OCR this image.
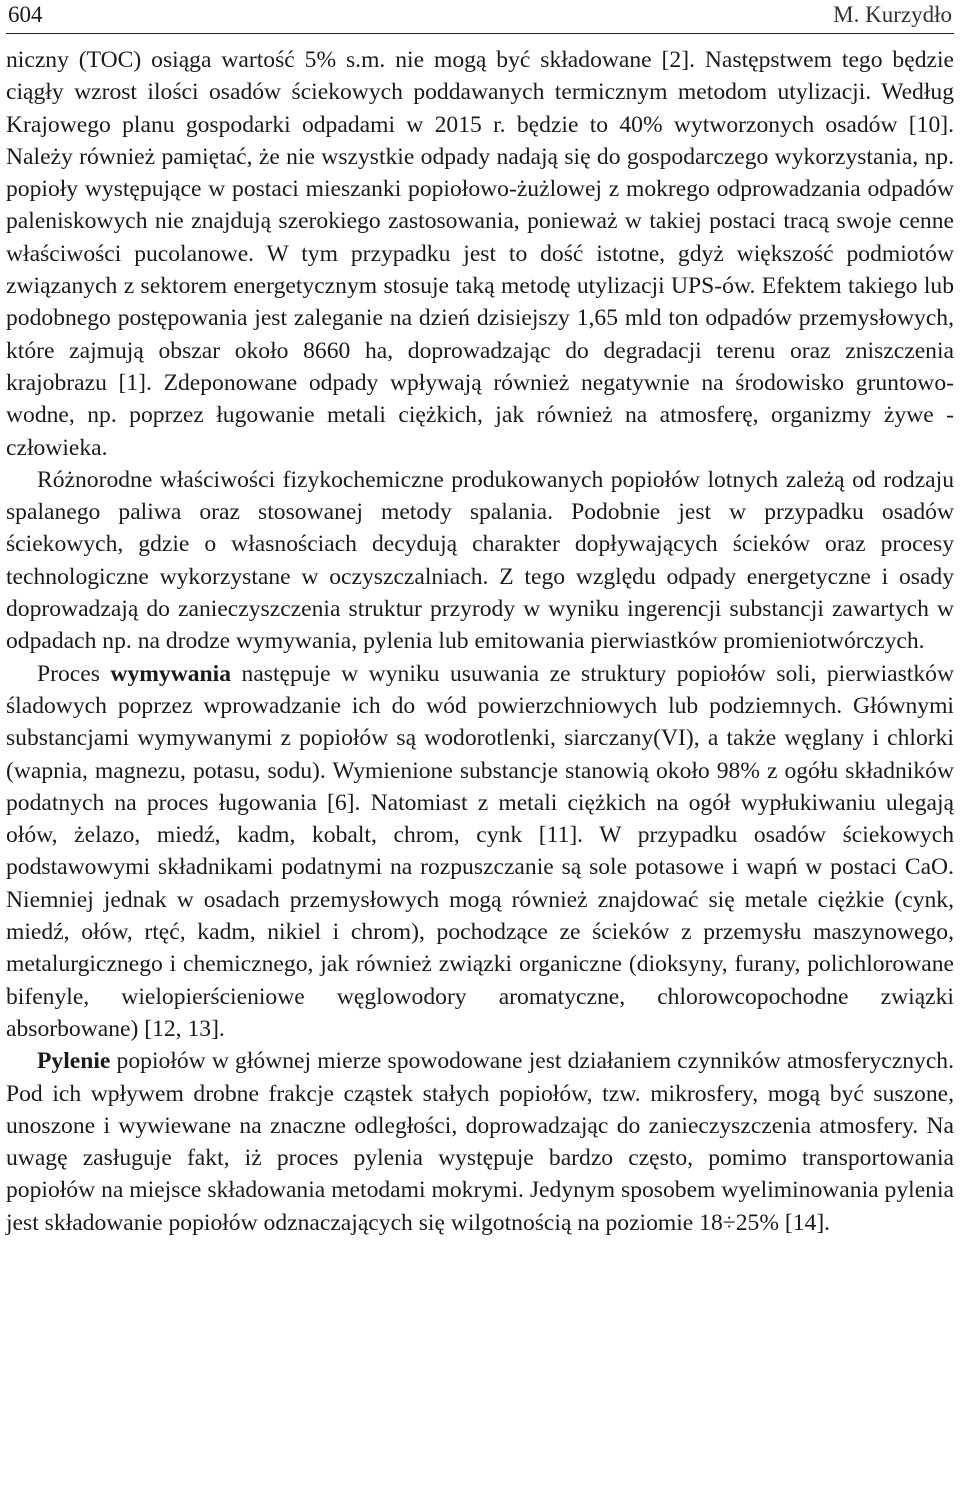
604	M. Kurzydło

niczny (TOC) osiąga wartość 5% s.m. nie mogą być składowane [2]. Następstwem tego będzie ciągły wzrost ilości osadów ściekowych poddawanych termicznym metodom utylizacji. Według Krajowego planu gospodarki odpadami w 2015 r. będzie to 40% wytworzonych osadów [10]. Należy również pamiętać, że nie wszystkie odpady nadają się do gospodarczego wykorzystania, np. popioły występujące w postaci mieszanki popiołowo-żużlowej z mokrego odprowadzania odpadów paleniskowych nie znajdują szerokiego zastosowania, ponieważ w takiej postaci tracą swoje cenne właściwości pucolanowe. W tym przypadku jest to dość istotne, gdyż większość podmiotów związanych z sektorem energetycznym stosuje taką metodę utylizacji UPS-ów. Efektem takiego lub podobnego postępowania jest zaleganie na dzień dzisiejszy 1,65 mld ton odpadów przemysłowych, które zajmują obszar około 8660 ha, doprowadzając do degradacji terenu oraz zniszczenia krajobrazu [1]. Zdeponowane odpady wpływają również negatywnie na środowisko gruntowo-wodne, np. poprzez ługowanie metali ciężkich, jak również na atmosferę, organizmy żywe - człowieka.

Różnorodne właściwości fizykochemiczne produkowanych popiołów lotnych zależą od rodzaju spalanego paliwa oraz stosowanej metody spalania. Podobnie jest w przypadku osadów ściekowych, gdzie o własnościach decydują charakter dopływających ścieków oraz procesy technologiczne wykorzystane w oczyszczalniach. Z tego względu odpady energetyczne i osady doprowadzają do zanieczyszczenia struktur przyrody w wyniku ingerencji substancji zawartych w odpadach np. na drodze wymywania, pylenia lub emitowania pierwiastków promieniotwórczych.

Proces wymywania następuje w wyniku usuwania ze struktury popiołów soli, pierwiastków śladowych poprzez wprowadzanie ich do wód powierzchniowych lub podziemnych. Głównymi substancjami wymywanymi z popiołów są wodorotlenki, siarczany(VI), a także węglany i chlorki (wapnia, magnezu, potasu, sodu). Wymienione substancje stanowią około 98% z ogółu składników podatnych na proces ługowania [6]. Natomiast z metali ciężkich na ogół wypłukiwaniu ulegają ołów, żelazo, miedź, kadm, kobalt, chrom, cynk [11]. W przypadku osadów ściekowych podstawowymi składnikami podatnymi na rozpuszczanie są sole potasowe i wapń w postaci CaO. Niemniej jednak w osadach przemysłowych mogą również znajdować się metale ciężkie (cynk, miedź, ołów, rtęć, kadm, nikiel i chrom), pochodzące ze ścieków z przemysłu maszynowego, metalurgicznego i chemicznego, jak również związki organiczne (dioksyny, furany, polichlorowane bifenyle, wielopierścieniowe węglowodory aromatyczne, chlorowcopochodne związki absorbowane) [12, 13].

Pylenie popiołów w głównej mierze spowodowane jest działaniem czynników atmosferycznych. Pod ich wpływem drobne frakcje cząstek stałych popiołów, tzw. mikrosfery, mogą być suszone, unoszone i wywiewane na znaczne odległości, doprowadzając do zanieczyszczenia atmosfery. Na uwagę zasługuje fakt, iż proces pylenia występuje bardzo często, pomimo transportowania popiołów na miejsce składowania metodami mokrymi. Jedynym sposobem wyeliminowania pylenia jest składowanie popiołów odznaczających się wilgotnością na poziomie 18÷25% [14].
